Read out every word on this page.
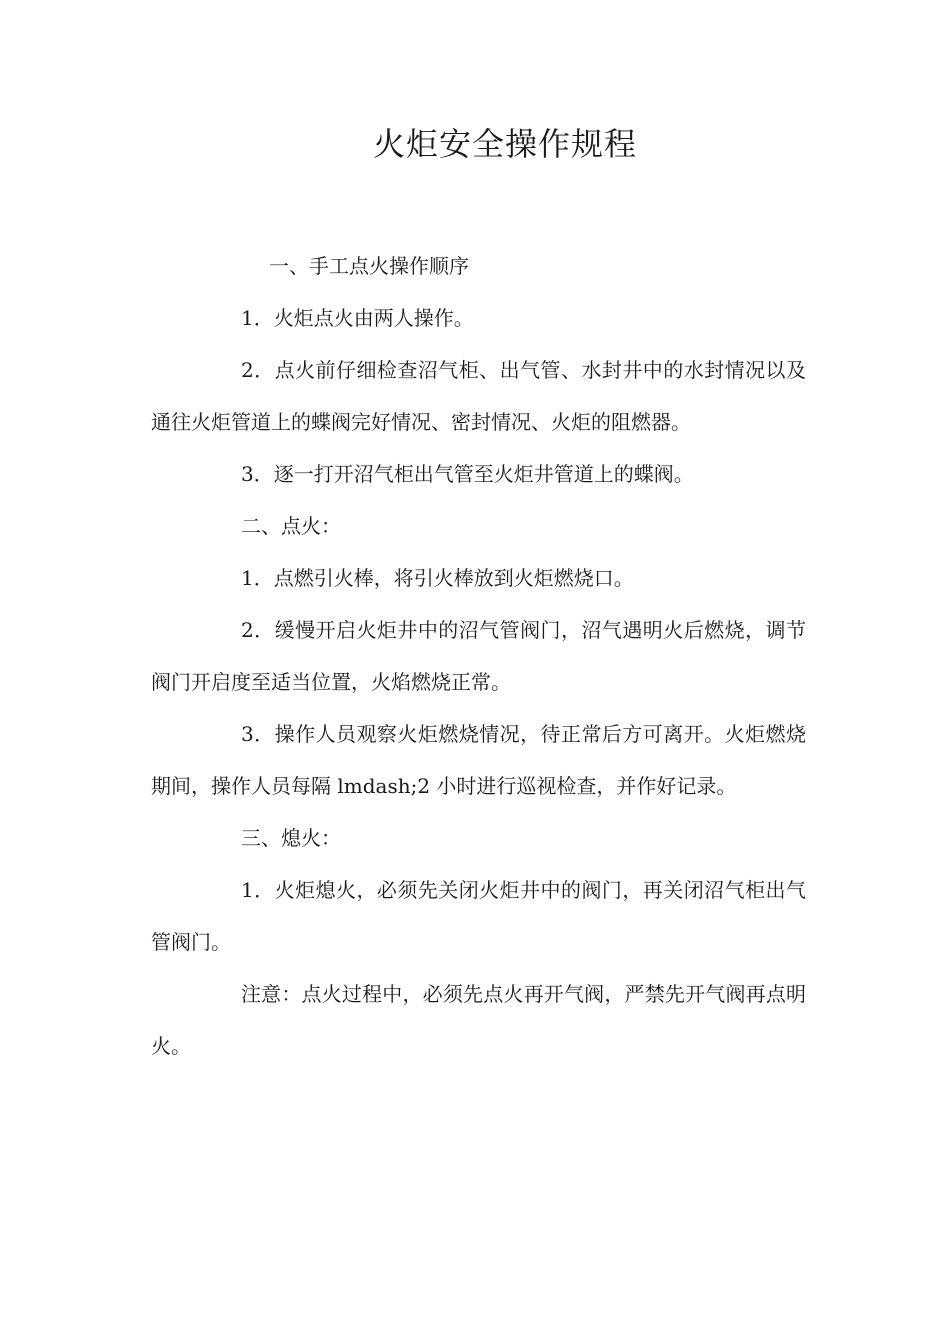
火炬安全操作规程

一、手工点火操作顺序

1．火炬点火由两人操作。

2．点火前仔细检查沼气柜、出气管、水封井中的水封情况以及通往火炬管道上的蝶阀完好情况、密封情况、火炬的阻燃器。

3．逐一打开沼气柜出气管至火炬井管道上的蝶阀。

二、点火：

1．点燃引火棒，将引火棒放到火炬燃烧口。

2．缓慢开启火炬井中的沼气管阀门，沼气遇明火后燃烧，调节阀门开启度至适当位置，火焰燃烧正常。

3．操作人员观察火炬燃烧情况，待正常后方可离开。火炬燃烧期间，操作人员每隔 lmdash;2 小时进行巡视检查，并作好记录。

三、熄火：

1．火炬熄火，必须先关闭火炬井中的阀门，再关闭沼气柜出气管阀门。

注意：点火过程中，必须先点火再开气阀，严禁先开气阀再点明火。
